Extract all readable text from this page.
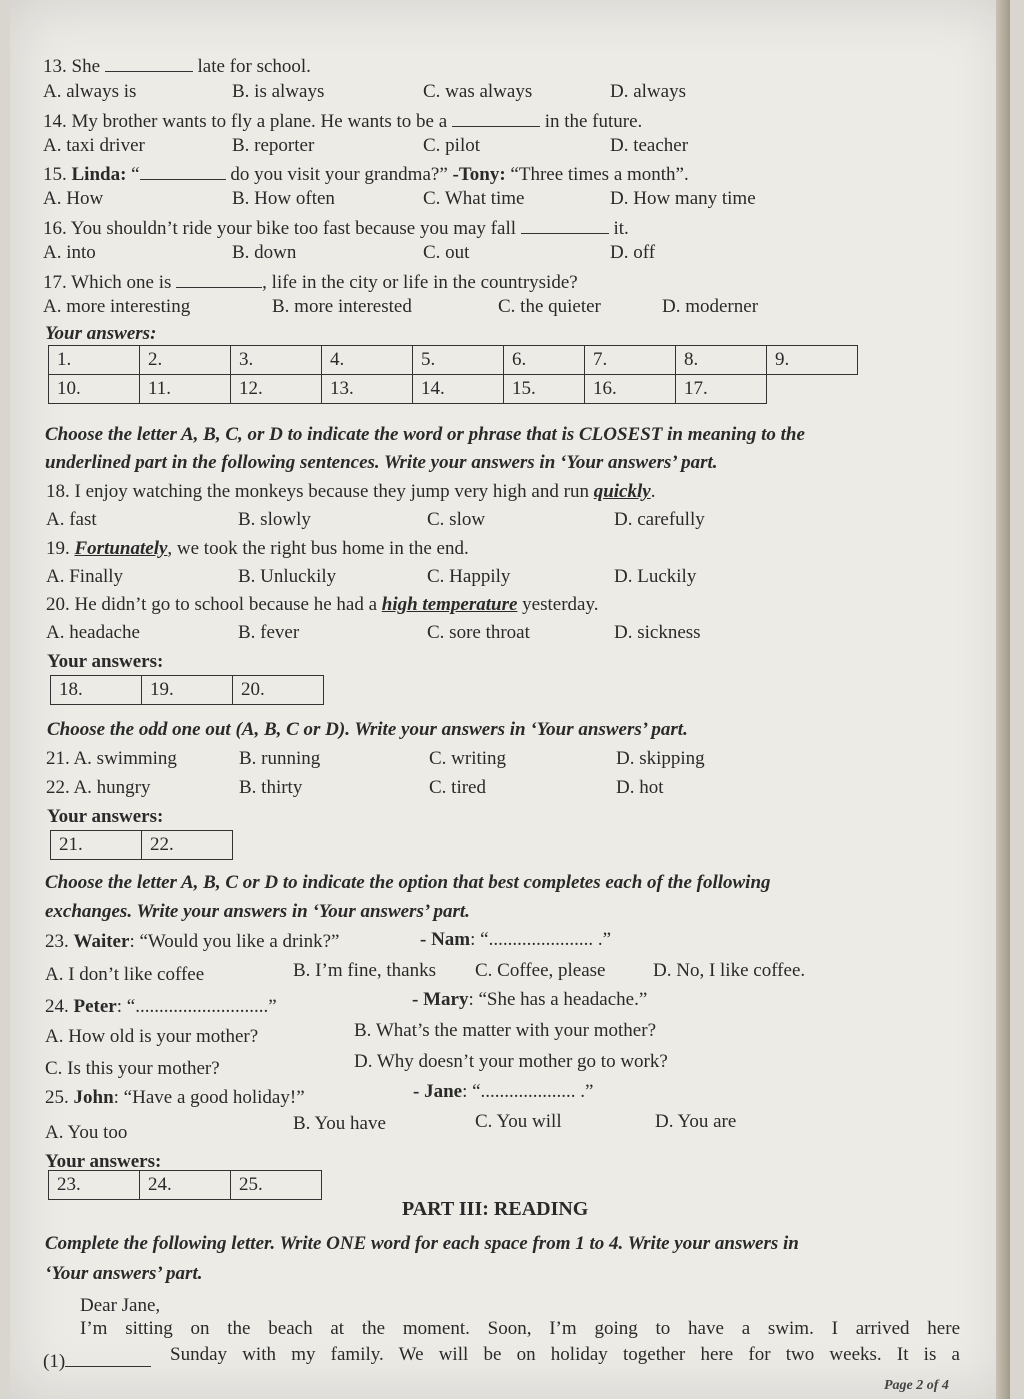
13. She	late for school.
A. always is	B. is always	C. was always	D. always
14. My brother wants to fly a plane. He wants to be a	in the future.
A. taxi driver	B. reporter	C. pilot	D. teacher
15. Linda: “	do you visit your grandma?” -Tony: “Three times a month”.
A. How	B. How often	C. What time	D. How many time
16. You shouldn’t ride your bike too fast because you may fall	it.
A. into	B. down	C. out	D. off
17. Which one is	, life in the city or life in the countryside?
A. more interesting	B. more interested	C. the quieter	D. moderner
Your answers:
1.	2.	3.	4.	5.	6.	7.	8.	9.
10.	11.	12.	13.	14.	15.	16.	17.	
Choose the letter A, B, C, or D to indicate the word or phrase that is CLOSEST in meaning to the
underlined part in the following sentences. Write your answers in ‘Your answers’ part.
18. I enjoy watching the monkeys because they jump very high and run quickly.
A. fast	B. slowly	C. slow	D. carefully
19. Fortunately, we took the right bus home in the end.
A. Finally	B. Unluckily	C. Happily	D. Luckily
20. He didn’t go to school because he had a high temperature yesterday.
A. headache	B. fever	C. sore throat	D. sickness
Your answers:
18.	19.	20.
Choose the odd one out (A, B, C or D). Write your answers in ‘Your answers’ part.
21. A. swimming	B. running	C. writing	D. skipping
22. A. hungry	B. thirty	C. tired	D. hot
Your answers:
21.	22.
Choose the letter A, B, C or D to indicate the option that best completes each of the following
exchanges. Write your answers in ‘Your answers’ part.
23. Waiter: “Would you like a drink?”	- Nam: “...................... .”
A. I don’t like coffee	B. I’m fine, thanks C. Coffee, please	D. No, I like coffee.
24. Peter: “............................”	- Mary: “She has a headache.”
A. How old is your mother?	B. What’s the matter with your mother?
C. Is this your mother?	D. Why doesn’t your mother go to work?
25. John: “Have a good holiday!”	- Jane: “.................... .”
A. You too	B. You have	C. You will	D. You are
Your answers:
23.	24.	25.
PART III: READING
Complete the following letter. Write ONE word for each space from 1 to 4. Write your answers in
‘Your answers’ part.
Dear Jane,
I’m sitting on the beach at the moment. Soon, I’m going to have a swim. I arrived here
(1)	Sunday with my family. We will be on holiday together here for two weeks. It is a
Page 2 of 4
